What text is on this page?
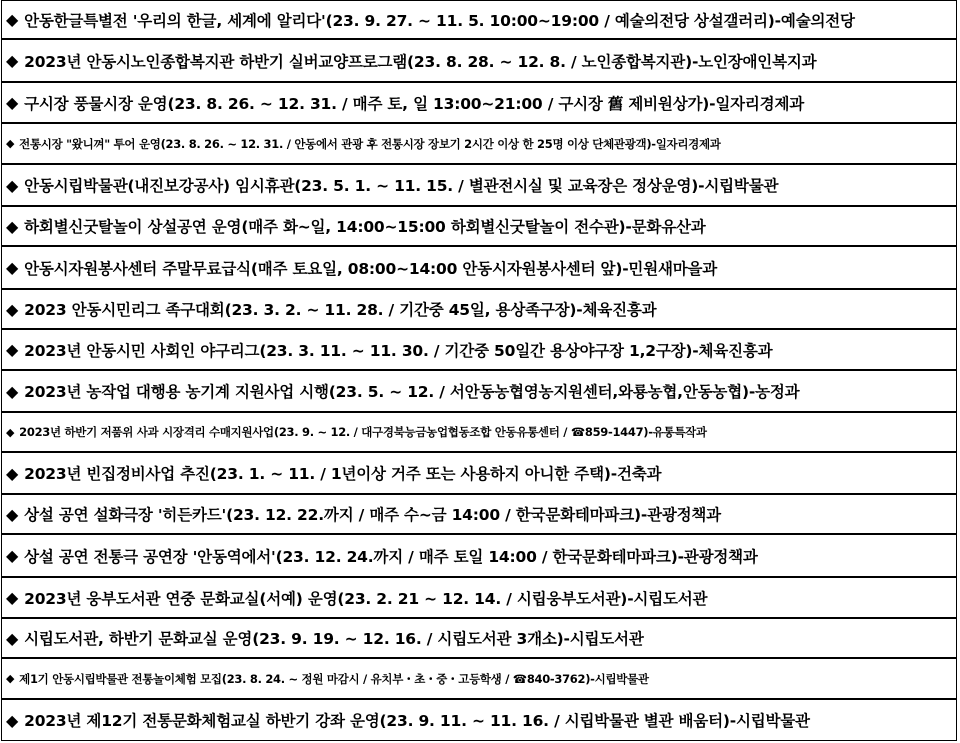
◆ 안동한글특별전 '우리의 한글, 세계에 알리다'(23. 9. 27. ~ 11. 5. 10:00~19:00 / 예술의전당 상설갤러리)-예술의전당
◆ 2023년 안동시노인종합복지관 하반기 실버교양프로그램(23. 8. 28. ~ 12. 8. / 노인종합복지관)-노인장애인복지과
◆ 구시장 풍물시장 운영(23. 8. 26. ~ 12. 31. / 매주 토, 일 13:00~21:00 / 구시장 舊 제비원상가)-일자리경제과
◆ 전통시장 "왔니껴" 투어 운영(23. 8. 26. ~ 12. 31. / 안동에서 관광 후 전통시장 장보기 2시간 이상 한 25명 이상 단체관광객)-일자리경제과
◆ 안동시립박물관(내진보강공사) 임시휴관(23. 5. 1. ~ 11. 15. / 별관전시실 및 교육장은 정상운영)-시립박물관
◆ 하회별신굿탈놀이 상설공연 운영(매주 화~일, 14:00~15:00 하회별신굿탈놀이 전수관)-문화유산과
◆ 안동시자원봉사센터 주말무료급식(매주 토요일, 08:00~14:00 안동시자원봉사센터 앞)-민원새마을과
◆ 2023 안동시민리그 족구대회(23. 3. 2. ~ 11. 28. / 기간중 45일, 용상족구장)-체육진흥과
◆ 2023년 안동시민 사회인 야구리그(23. 3. 11. ~ 11. 30. / 기간중 50일간 용상야구장 1,2구장)-체육진흥과
◆ 2023년 농작업 대행용 농기계 지원사업 시행(23. 5. ~ 12. / 서안동농협영농지원센터,와룡농협,안동농협)-농정과
◆ 2023년 하반기 저품위 사과 시장격리 수매지원사업(23. 9. ~ 12. / 대구경북능금농업협동조합 안동유통센터 / ☎859-1447)-유통특작과
◆ 2023년 빈집정비사업 추진(23. 1. ~ 11. / 1년이상 거주 또는 사용하지 아니한 주택)-건축과
◆ 상설 공연 설화극장 '히든카드'(23. 12. 22.까지 / 매주 수~금 14:00 / 한국문화테마파크)-관광정책과
◆ 상설 공연 전통극 공연장 '안동역에서'(23. 12. 24.까지 / 매주 토일 14:00 / 한국문화테마파크)-관광정책과
◆ 2023년 웅부도서관 연중 문화교실(서예) 운영(23. 2. 21 ~ 12. 14. / 시립웅부도서관)-시립도서관
◆ 시립도서관, 하반기 문화교실 운영(23. 9. 19. ~ 12. 16. / 시립도서관 3개소)-시립도서관
◆ 제1기 안동시립박물관 전통놀이체험 모집(23. 8. 24. ~ 정원 마감시 / 유치부・초・중・고등학생 / ☎840-3762)-시립박물관
◆ 2023년 제12기 전통문화체험교실 하반기 강좌 운영(23. 9. 11. ~ 11. 16. / 시립박물관 별관 배움터)-시립박물관
